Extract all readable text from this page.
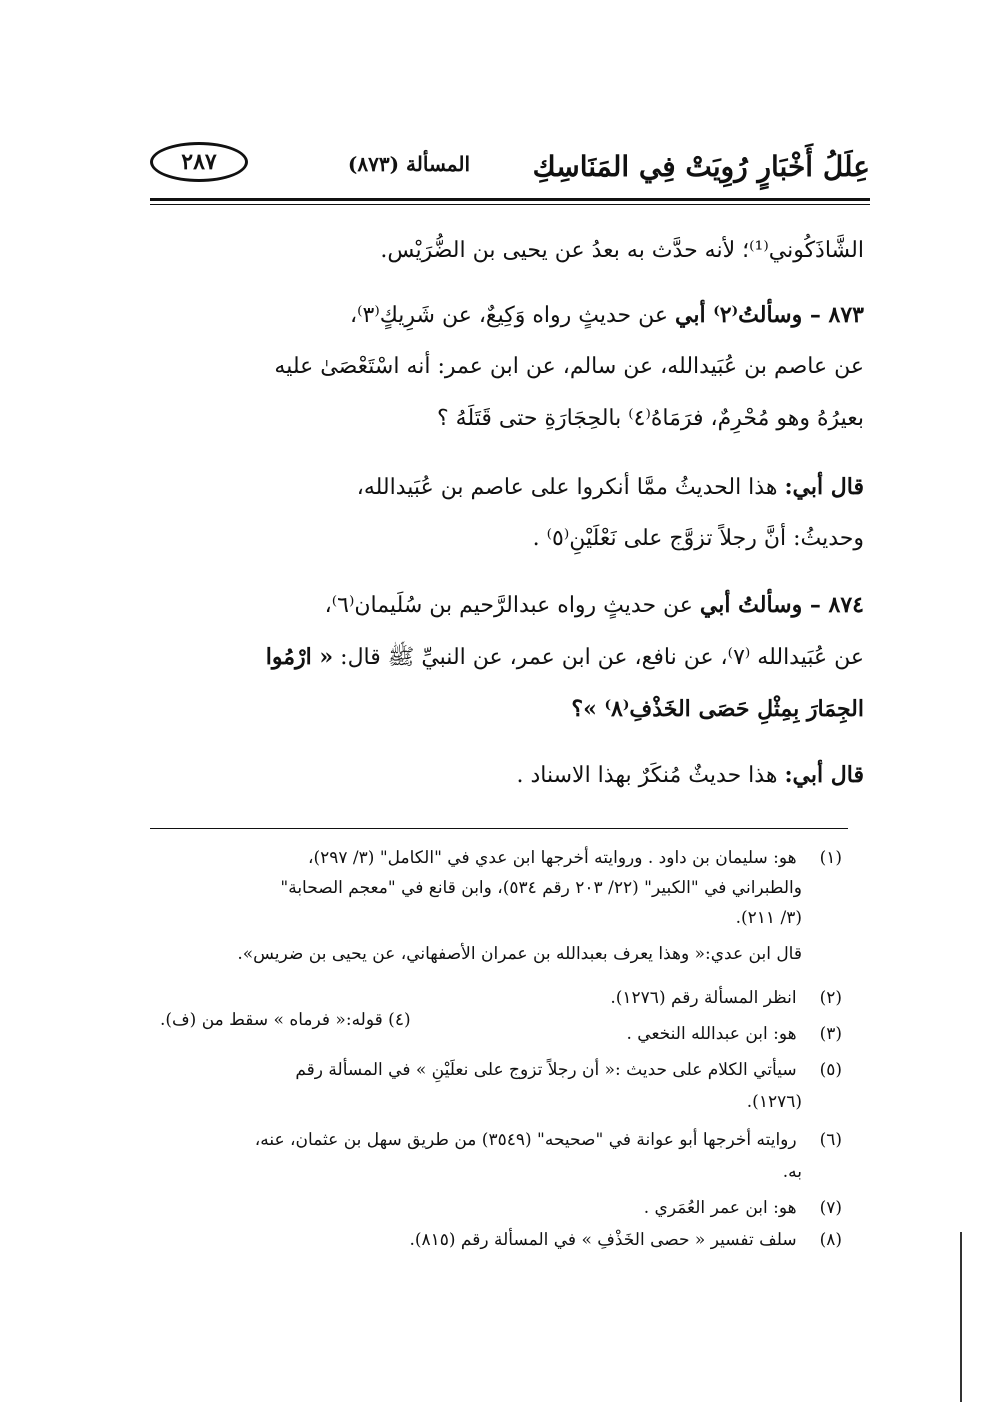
عِلَلُ أَخْبَارٍ رُوِيَتْ فِي المَنَاسِكِ
المسألة (٨٧٣)
٢٨٧
الشَّاذَكُوني⁽¹⁾؛ لأنه حدَّث به بعدُ عن يحيى بن الضُّرَيْس.
٨٧٣ – وسألتُ⁽٢⁾ أبي عن حديثٍ رواه وَكِيعٌ، عن شَرِيكٍ⁽٣⁾،
عن عاصم بن عُبَيدالله، عن سالم، عن ابن عمر: أنه اسْتَعْصَىٰ عليه
بعيرُهُ وهو مُحْرِمٌ، فرَمَاهُ⁽٤⁾ بالحِجَارَةِ حتى قَتَلَهُ ؟
قال أبي: هذا الحديثُ ممَّا أنكروا على عاصم بن عُبَيدالله،
وحديثُ: أنَّ رجلاً تزوَّج على نَعْلَيْنِ⁽٥⁾ .
٨٧٤ – وسألتُ أبي عن حديثٍ رواه عبدالرَّحيم بن سُلَيمان⁽٦⁾،
عن عُبَيدالله ⁽٧⁾، عن نافع، عن ابن عمر، عن النبيِّ ﷺ قال: « ارْمُوا
الجِمَارَ بِمِثْلِ حَصَى الخَذْفِ⁽٨⁾ »؟
قال أبي: هذا حديثٌ مُنكَرٌ بهذا الاسناد .
(١) هو: سليمان بن داود . وروايته أخرجها ابن عدي في "الكامل" (٣/ ٢٩٧)،
والطبراني في "الكبير" (٢٢/ ٢٠٣ رقم ٥٣٤)، وابن قانع في "معجم الصحابة"
(٣/ ٢١١).
قال ابن عدي:« وهذا يعرف بعبدالله بن عمران الأصفهاني، عن يحيى بن ضريس».
(٢) انظر المسألة رقم (١٢٧٦).
(٤) قوله:« فرماه » سقط من (ف).
(٣) هو: ابن عبدالله النخعي .
(٥) سيأتي الكلام على حديث :« أن رجلاً تزوج على نعلَيْنِ » في المسألة رقم
(١٢٧٦).
(٦) روايته أخرجها أبو عوانة في "صحيحه" (٣٥٤٩) من طريق سهل بن عثمان، عنه،
به.
(٧) هو: ابن عمر العُمَري .
(٨) سلف تفسير « حصى الخَذْفِ » في المسألة رقم (٨١٥).
